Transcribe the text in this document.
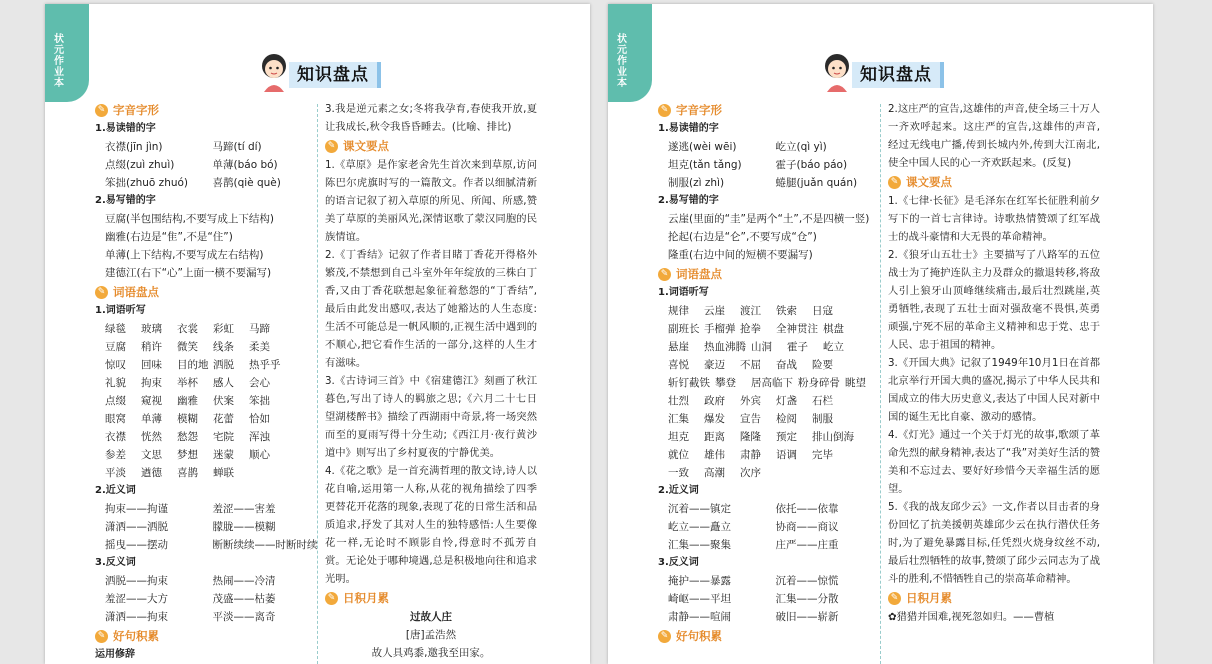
状元作业本	知识盘点
✎ 字音字形
1.易读错的字
衣襟(jīn jìn)	马蹄(tí dí)
点缀(zuì zhuì)	单薄(báo bó)
笨拙(zhuō zhuó)	喜鹊(qiè què)
2.易写错的字
豆腐(半包围结构,不要写成上下结构)
幽雅(右边是“隹”,不是“住”)
单薄(上下结构,不要写成左右结构)
建德江(右下“心”上面一横不要漏写)
✎ 词语盘点
1.词语听写
绿毯	玻璃	衣裳	彩虹	马蹄
豆腐	稍许	微笑	线条	柔美
惊叹	回味	目的地 洒脱	热乎乎
礼貌	拘束	举杯	感人	会心
点缀	窥视	幽雅	伏案	笨拙
眼窝	单薄	模糊	花蕾	恰如
衣襟	恍然	愁怨	宅院	浑浊
参差	文思	梦想	迷蒙	顺心
平淡	遒德	喜鹊	蝉联
2.近义词
拘束——拘谨	羞涩——害羞
潇洒——洒脱	朦胧——模糊
摇曳——摆动	断断续续——时断时续
3.反义词
洒脱——拘束	热闹——冷清
羞涩——大方	茂盛——枯萎
潇洒——拘束	平淡——离奇
✎ 好句积累
运用修辞
3.我是逆元素之女;冬将我孕育,春使我开放,夏让我成长,秋令我昏昏睡去。(比喻、排比)
✎ 课文要点
1.《草原》是作家老舍先生首次来到草原,访问陈巴尔虎旗时写的一篇散文。作者以细腻清新的语言记叙了初入草原的所见、所闻、所感,赞美了草原的美丽风光,深情讴歌了蒙汉同胞的民族情谊。
2.《丁香结》记叙了作者目睹丁香花开得格外繁茂,不禁想到自己斗室外年年绽放的三株白丁香,又由丁香花联想起象征着愁怨的“丁香结”,最后由此发出感叹,表达了她豁达的人生态度:生活不可能总是一帆风顺的,正视生活中遇到的不顺心,把它看作生活的一部分,这样的人生才有滋味。
3.《古诗词三首》中《宿建德江》刻画了秋江暮色,写出了诗人的羁旅之思;《六月二十七日望湖楼醉书》描绘了西湖雨中奇景,将一场突然而至的夏雨写得十分生动;《西江月·夜行黄沙道中》则写出了乡村夏夜的宁静优美。
4.《花之歌》是一首充满哲理的散文诗,诗人以花自喻,运用第一人称,从花的视角描绘了四季更替花开花落的现象,表现了花的日常生活和品质追求,抒发了其对人生的独特感悟:人生要像花一样,无论时不顾影自怜,得意时不孤芳自赏。无论处于哪种境遇,总是积极地向往和追求光明。
✎ 日积月累
过故人庄
[唐]孟浩然
故人具鸡黍,邀我至田家。
状元作业本	知识盘点
✎ 字音字形
1.易读错的字
遂逃(wèi wēi)	屹立(qì yì)
坦克(tǎn tǎng)	霍子(báo páo)
制服(zì zhì)	蜷腿(juǎn quán)
2.易写错的字
云崖(里面的“圭”是两个“土”,不是四横一竖)
抡起(右边是“仑”,不要写成“仓”)
隆重(右边中间的短横不要漏写)
✎ 词语盘点
1.词语听写
规律	云崖	渡江	铁索	日寇
副班长 手榴弹 抢拳	全神贯注 棋盘
悬崖	热血沸腾 山洞	霍子	屹立
喜悦	豪迈	不屈	奋战	险要
斩钉截铁 攀登	居高临下 粉身碎骨 眺望
壮烈	政府	外宾	灯盏	石栏
汇集	爆发	宣告	检阅	制服
坦克	距离	隆隆	预定	排山倒海
就位	雄伟	肃静	语调	完毕
一致	高潮	次序
2.近义词
沉着——镇定	依托——依靠
屹立——矗立	协商——商议
汇集——聚集	庄严——庄重
3.反义词
掩护——暴露	沉着——惊慌
崎岖——平坦	汇集——分散
肃静——喧闹	破旧——崭新
✎ 好句积累
2.这庄严的宣告,这雄伟的声音,使全场三十万人一齐欢呼起来。这庄严的宣告,这雄伟的声音,经过无线电广播,传到长城内外,传到大江南北,使全中国人民的心一齐欢跃起来。(反复)
✎ 课文要点
1.《七律·长征》是毛泽东在红军长征胜利前夕写下的一首七言律诗。诗歌热情赞颂了红军战士的战斗豪情和大无畏的革命精神。
2.《狼牙山五壮士》主要描写了八路军的五位战士为了掩护连队主力及群众的撤退转移,将敌人引上狼牙山顶峰继续痛击,最后壮烈跳崖,英勇牺牲,表现了五壮士面对强敌毫不畏惧,英勇顽强,宁死不屈的革命主义精神和忠于党、忠于人民、忠于祖国的精神。
3.《开国大典》记叙了1949年10月1日在首都北京举行开国大典的盛况,揭示了中华人民共和国成立的伟大历史意义,表达了中国人民对新中国的诞生无比自豪、激动的感情。
4.《灯光》通过一个关于灯光的故事,歌颂了革命先烈的献身精神,表达了“我”对美好生活的赞美和不忘过去、要好好珍惜今天幸福生活的愿望。
5.《我的战友邱少云》一文,作者以目击者的身份回忆了抗美援朝英雄邱少云在执行潜伏任务时,为了避免暴露目标,任凭烈火烧身纹丝不动,最后壮烈牺牲的故事,赞颂了邱少云同志为了战斗的胜利,不惜牺牲自己的崇高革命精神。
✎ 日积月累
✿猎猎并国难,视死忽如归。——曹植
